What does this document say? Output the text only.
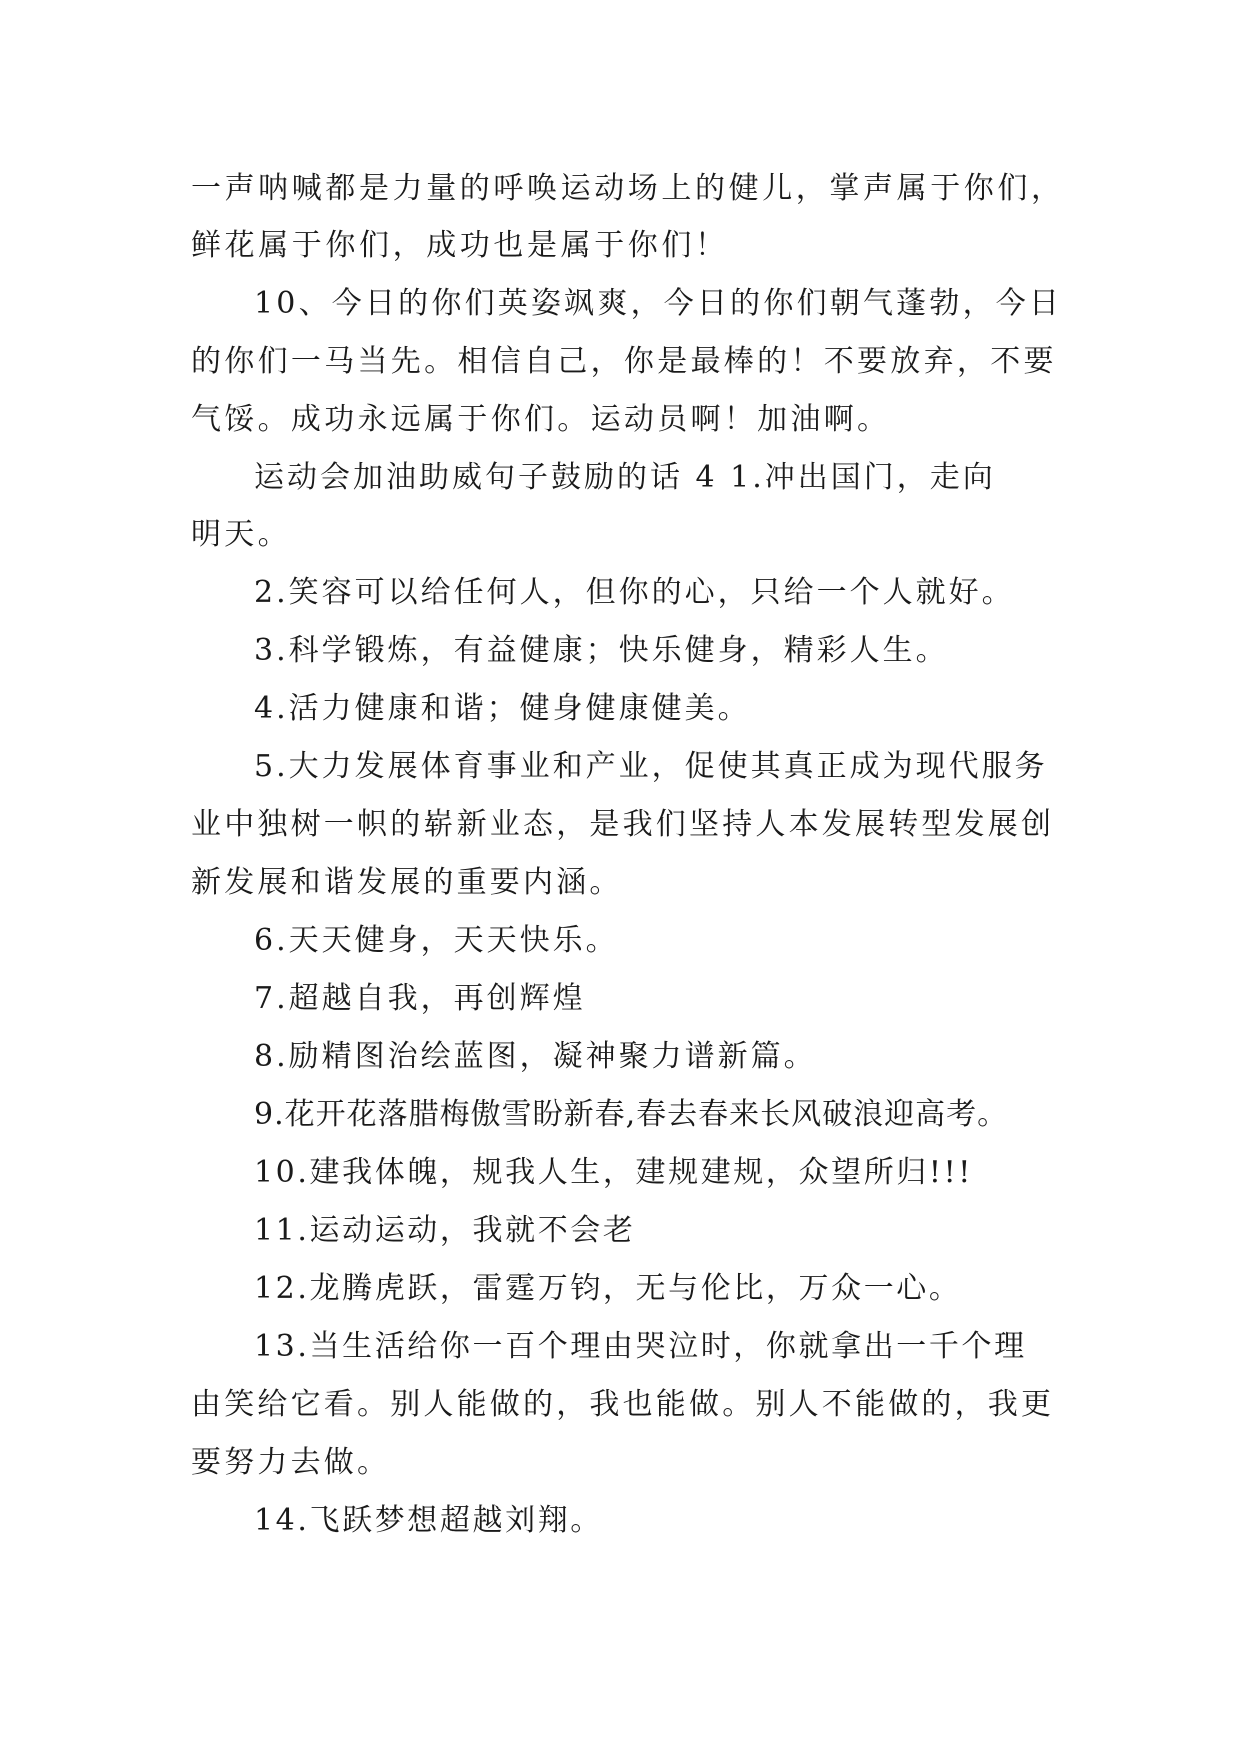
一声呐喊都是力量的呼唤运动场上的健儿，掌声属于你们，
鲜花属于你们，成功也是属于你们！
10、今日的你们英姿飒爽，今日的你们朝气蓬勃，今日
的你们一马当先。相信自己，你是最棒的！不要放弃，不要
气馁。成功永远属于你们。运动员啊！加油啊。
运动会加油助威句子鼓励的话 4 1.冲出国门，走向
明天。
2.笑容可以给任何人，但你的心，只给一个人就好。
3.科学锻炼，有益健康；快乐健身，精彩人生。
4.活力健康和谐；健身健康健美。
5.大力发展体育事业和产业，促使其真正成为现代服务
业中独树一帜的崭新业态，是我们坚持人本发展转型发展创
新发展和谐发展的重要内涵。
6.天天健身，天天快乐。
7.超越自我，再创辉煌
8.励精图治绘蓝图，凝神聚力谱新篇。
9.花开花落腊梅傲雪盼新春,春去春来长风破浪迎高考。
10.建我体魄，规我人生，建规建规，众望所归!!!
11.运动运动，我就不会老
12.龙腾虎跃，雷霆万钧，无与伦比，万众一心。
13.当生活给你一百个理由哭泣时，你就拿出一千个理
由笑给它看。别人能做的，我也能做。别人不能做的，我更
要努力去做。
14.飞跃梦想超越刘翔。
